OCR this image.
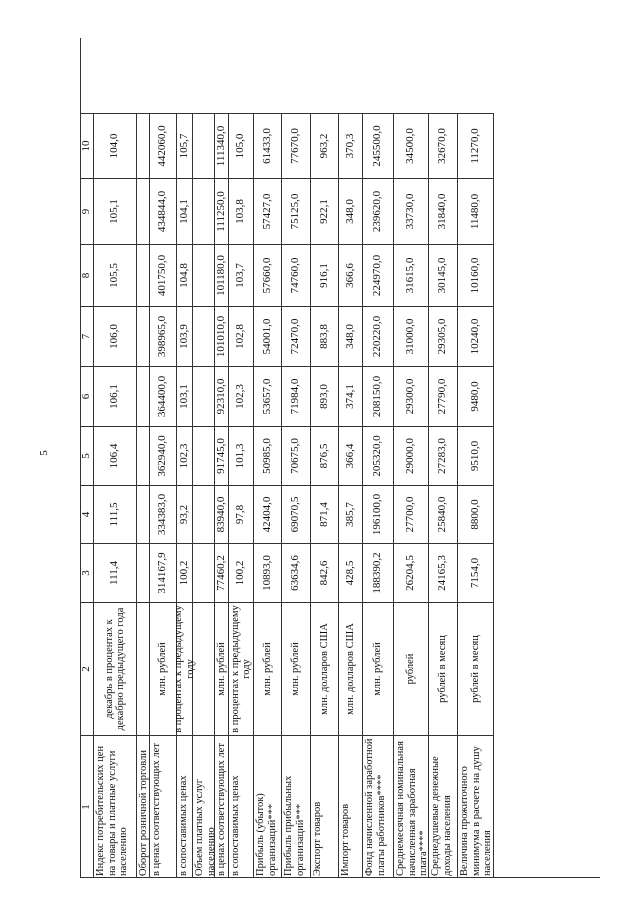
5
1
2
3
4
5
6
7
8
9
10
Индекс потребительских цен на товары и платные услуги населению
декабрь в процентах к декабрю предыдущего года
111,4
111,5
106,4
106,1
106,0
105,5
105,1
104,0
Оборот розничной торговли в ценах соответствующих лет
млн. рублей
314167,9
334383,0
362940,0
364400,0
398965,0
401750,0
434844,0
442060,0
в сопоставимых ценах
в процентах к предыдущему году
100,2
93,2
102,3
103,1
103,9
104,8
104,1
105,7
Объем платных услуг населению в ценах соответствующих лет
млн. рублей
77460,2
83940,0
91745,0
92310,0
101010,0
101180,0
111250,0
111340,0
в сопоставимых ценах
в процентах к предыдущему году
100,2
97,8
101,3
102,3
102,8
103,7
103,8
105,0
Прибыль (убыток) организаций***
млн. рублей
10893,0
42404,0
50985,0
53657,0
54001,0
57660,0
57427,0
61433,0
Прибыль прибыльных организаций***
млн. рублей
63634,6
69070,5
70675,0
71984,0
72470,0
74760,0
75125,0
77670,0
Экспорт товаров
млн. долларов США
842,6
871,4
876,5
893,0
883,8
916,1
922,1
963,2
Импорт товаров
млн. долларов США
428,5
385,7
366,4
374,1
348,0
366,6
348,0
370,3
Фонд начисленной заработной платы работников****
млн. рублей
188390,2
196100,0
205320,0
208150,0
220220,0
224970,0
239620,0
245500,0
Среднемесячная номинальная начисленная заработная плата****
рублей
26204,5
27700,0
29000,0
29300,0
31000,0
31615,0
33730,0
34500,0
Среднедушевые денежные доходы населения
рублей в месяц
24165,3
25840,0
27283,0
27790,0
29305,0
30145,0
31840,0
32670,0
Величина прожиточного минимума в расчете на душу населения
рублей в месяц
7154,0
8800,0
9510,0
9480,0
10240,0
10160,0
11480,0
11270,0
